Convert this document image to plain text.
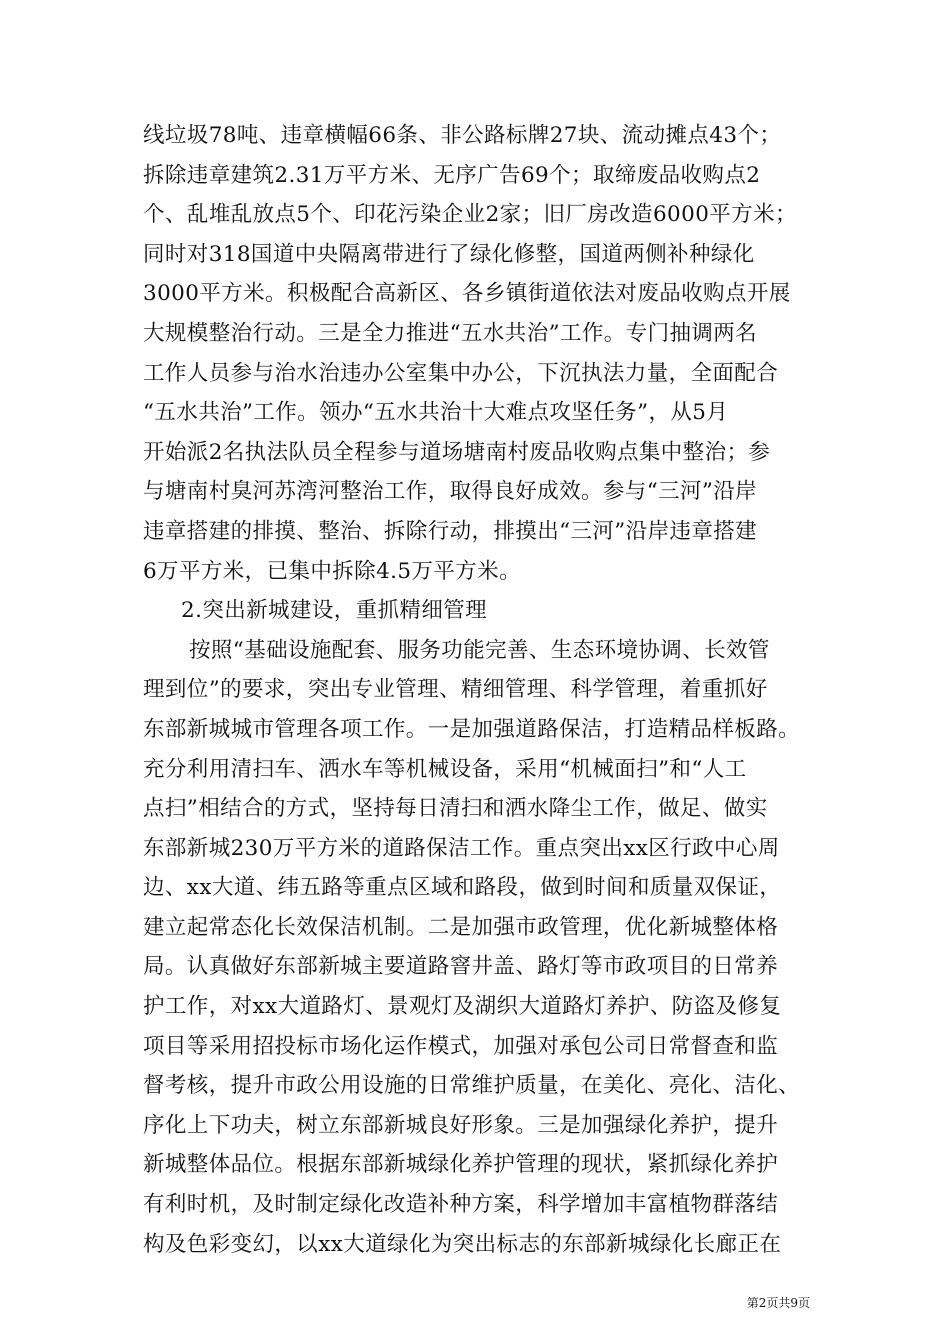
线垃圾78吨、违章横幅66条、非公路标牌27块、流动摊点43个；
拆除违章建筑2.31万平方米、无序广告69个；取缔废品收购点2
个、乱堆乱放点5个、印花污染企业2家；旧厂房改造6000平方米；
同时对318国道中央隔离带进行了绿化修整，国道两侧补种绿化
3000平方米。积极配合高新区、各乡镇街道依法对废品收购点开展
大规模整治行动。三是全力推进“五水共治”工作。专门抽调两名
工作人员参与治水治违办公室集中办公，下沉执法力量，全面配合
“五水共治”工作。领办“五水共治十大难点攻坚任务”，从5月
开始派2名执法队员全程参与道场塘南村废品收购点集中整治；参
与塘南村臭河苏湾河整治工作，取得良好成效。参与“三河”沿岸
违章搭建的排摸、整治、拆除行动，排摸出“三河”沿岸违章搭建
6万平方米，已集中拆除4.5万平方米。
2.突出新城建设，重抓精细管理
按照“基础设施配套、服务功能完善、生态环境协调、长效管
理到位”的要求，突出专业管理、精细管理、科学管理，着重抓好
东部新城城市管理各项工作。一是加强道路保洁，打造精品样板路。
充分利用清扫车、洒水车等机械设备，采用“机械面扫”和“人工
点扫”相结合的方式，坚持每日清扫和洒水降尘工作，做足、做实
东部新城230万平方米的道路保洁工作。重点突出xx区行政中心周
边、xx大道、纬五路等重点区域和路段，做到时间和质量双保证，
建立起常态化长效保洁机制。二是加强市政管理，优化新城整体格
局。认真做好东部新城主要道路窨井盖、路灯等市政项目的日常养
护工作，对xx大道路灯、景观灯及湖织大道路灯养护、防盗及修复
项目等采用招投标市场化运作模式，加强对承包公司日常督查和监
督考核，提升市政公用设施的日常维护质量，在美化、亮化、洁化、
序化上下功夫，树立东部新城良好形象。三是加强绿化养护，提升
新城整体品位。根据东部新城绿化养护管理的现状，紧抓绿化养护
有利时机，及时制定绿化改造补种方案，科学增加丰富植物群落结
构及色彩变幻，以xx大道绿化为突出标志的东部新城绿化长廊正在
第2页共9页
